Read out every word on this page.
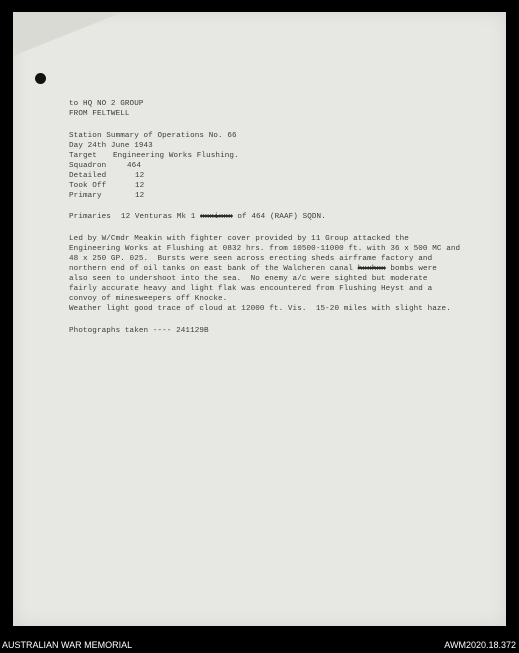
to HQ NO 2 GROUP
FROM FELTWELL
Station Summary of Operations No. 66
Day 24th June 1943
Target Engineering Works Flushing.
Squadron	464
Detailed	12
Took Off	12
Primary	12
Primaries 12 Venturas Mk 1 xxxixxx of 464 (RAAF) SQDN.
Led by W/Cmdr Meakin with fighter cover provided by 11 Group attacked the
Engineering Works at Flushing at 0832 hrs. from 10500-11000 ft. with 36 x 500 MC and
48 x 250 GP. 025.  Bursts were seen across erecting sheds airframe factory and
northern end of oil tanks on east bank of the Walcheren canal hxxhxx bombs were
also seen to undershoot into the sea.  No enemy a/c were sighted but moderate
fairly accurate heavy and light flak was encountered from Flushing Heyst and a
convoy of minesweepers off Knocke.
Weather light good trace of cloud at 12000 ft. Vis.  15-20 miles with slight haze.
Photographs taken ---- 241129B
AUSTRALIAN WAR MEMORIAL	AWM2020.18.372
